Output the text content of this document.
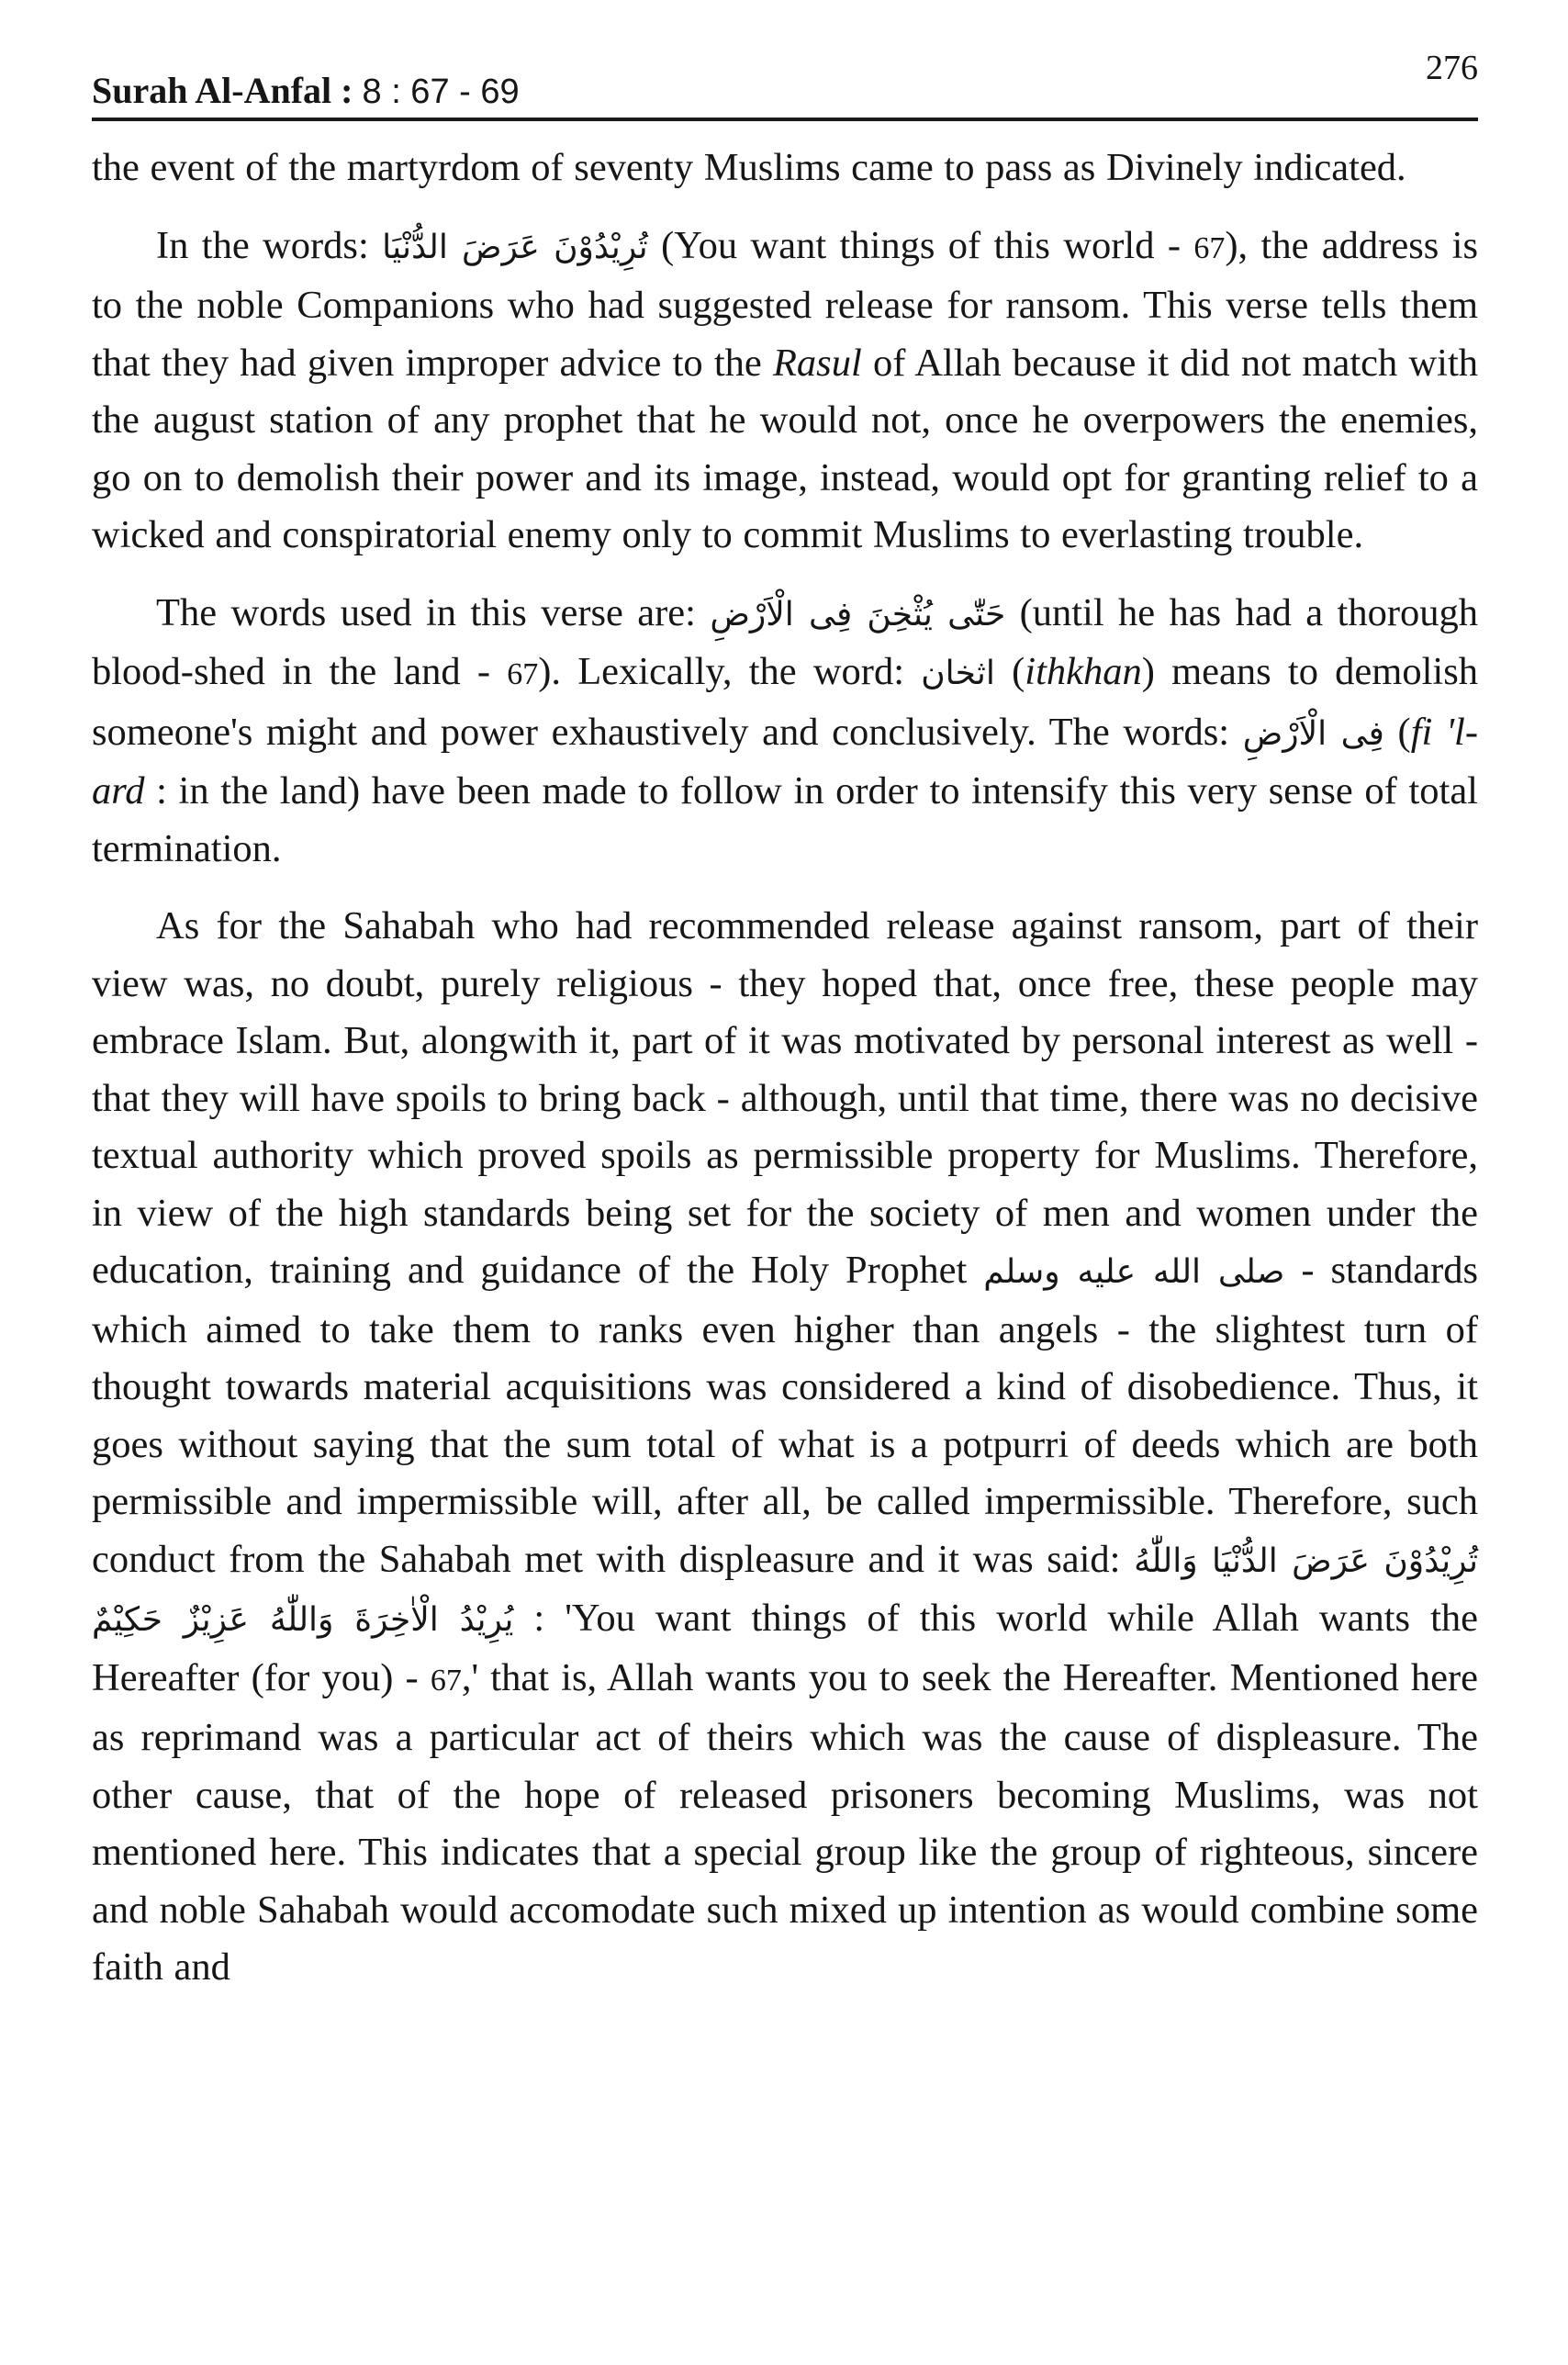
Surah Al-Anfal : 8 : 67 - 69
276

the event of the martyrdom of seventy Muslims came to pass as Divinely indicated.

In the words: تُرِيْدُوْنَ عَرَضَ الدُّنْيَا (You want things of this world - 67), the address is to the noble Companions who had suggested release for ransom. This verse tells them that they had given improper advice to the Rasul of Allah because it did not match with the august station of any prophet that he would not, once he overpowers the enemies, go on to demolish their power and its image, instead, would opt for granting relief to a wicked and conspiratorial enemy only to commit Muslims to everlasting trouble.

The words used in this verse are: حَتّٰى يُثْخِنَ فِى الْاَرْضِ (until he has had a thorough blood-shed in the land - 67). Lexically, the word: اثخان (ithkhan) means to demolish someone's might and power exhaustively and conclusively. The words: فِى الْاَرْضِ (fi 'l-ard : in the land) have been made to follow in order to intensify this very sense of total termination.

As for the Sahabah who had recommended release against ransom, part of their view was, no doubt, purely religious - they hoped that, once free, these people may embrace Islam. But, alongwith it, part of it was motivated by personal interest as well - that they will have spoils to bring back - although, until that time, there was no decisive textual authority which proved spoils as permissible property for Muslims. Therefore, in view of the high standards being set for the society of men and women under the education, training and guidance of the Holy Prophet صلى الله عليه وسلم - standards which aimed to take them to ranks even higher than angels - the slightest turn of thought towards material acquisitions was considered a kind of disobedience. Thus, it goes without saying that the sum total of what is a potpurri of deeds which are both permissible and impermissible will, after all, be called impermissible. Therefore, such conduct from the Sahabah met with displeasure and it was said: تُرِيْدُوْنَ عَرَضَ الدُّنْيَا وَاللّٰهُ يُرِيْدُ الْاٰخِرَةَ وَاللّٰهُ عَزِيْزٌ حَكِيْمٌ : 'You want things of this world while Allah wants the Hereafter (for you) - 67,' that is, Allah wants you to seek the Hereafter. Mentioned here as reprimand was a particular act of theirs which was the cause of displeasure. The other cause, that of the hope of released prisoners becoming Muslims, was not mentioned here. This indicates that a special group like the group of righteous, sincere and noble Sahabah would accomodate such mixed up intention as would combine some faith and
